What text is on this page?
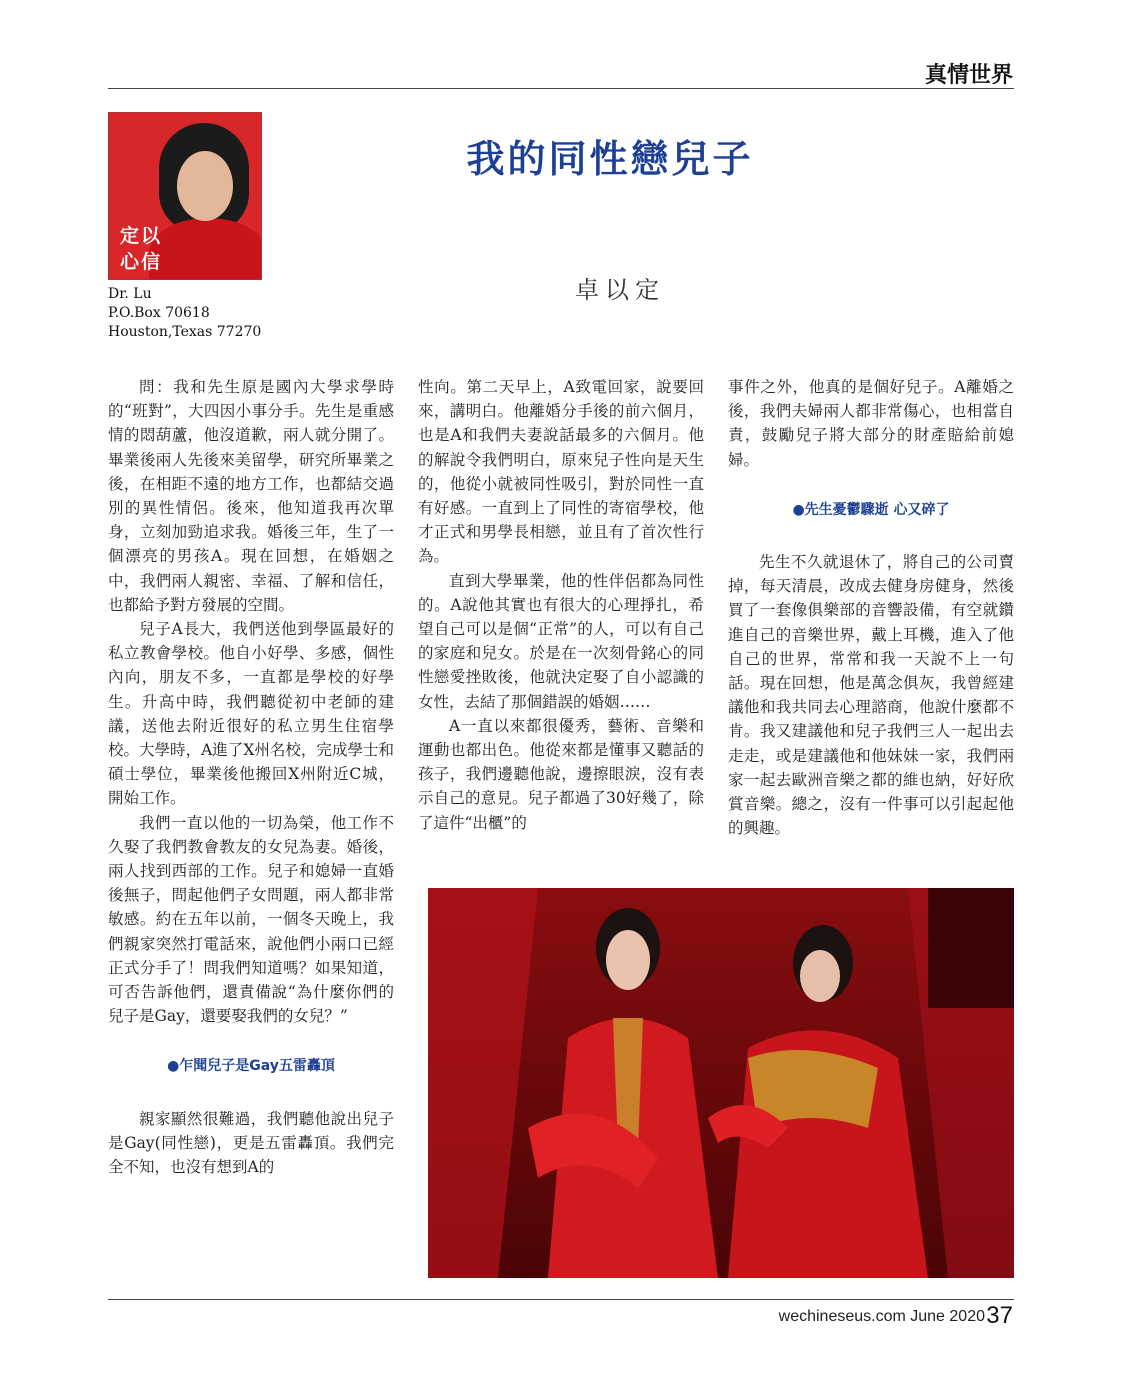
真情世界
定以
心信
Dr. Lu
P.O.Box 70618
Houston,Texas 77270
我的同性戀兒子
卓以定

問：我和先生原是國內大學求學時的“班對”，大四因小事分手。先生是重感情的悶葫蘆，他沒道歉，兩人就分開了。畢業後兩人先後來美留學，研究所畢業之後，在相距不遠的地方工作，也都結交過別的異性情侶。後來，他知道我再次單身，立刻加勁追求我。婚後三年，生了一個漂亮的男孩A。現在回想，在婚姻之中，我們兩人親密、幸福、了解和信任，也都給予對方發展的空間。

兒子A長大，我們送他到學區最好的私立教會學校。他自小好學、多感，個性內向，朋友不多，一直都是學校的好學生。升高中時，我們聽從初中老師的建議，送他去附近很好的私立男生住宿學校。大學時，A進了X州名校，完成學士和碩士學位，畢業後他搬回X州附近C城，開始工作。

我們一直以他的一切為榮，他工作不久娶了我們教會教友的女兒為妻。婚後，兩人找到西部的工作。兒子和媳婦一直婚後無子，問起他們子女問題，兩人都非常敏感。約在五年以前，一個冬天晚上，我們親家突然打電話來，說他們小兩口已經正式分手了！問我們知道嗎？如果知道，可否告訴他們，還責備說“為什麼你們的兒子是Gay，還要娶我們的女兒？”

●乍聞兒子是Gay五雷轟頂

親家顯然很難過，我們聽他說出兒子是Gay(同性戀)，更是五雷轟頂。我們完全不知，也沒有想到A的

性向。第二天早上，A致電回家，說要回來，講明白。他離婚分手後的前六個月，也是A和我們夫妻說話最多的六個月。他的解說令我們明白，原來兒子性向是天生的，他從小就被同性吸引，對於同性一直有好感。一直到上了同性的寄宿學校，他才正式和男學長相戀，並且有了首次性行為。

直到大學畢業，他的性伴侶都為同性的。A說他其實也有很大的心理掙扎，希望自己可以是個“正常”的人，可以有自己的家庭和兒女。於是在一次刻骨銘心的同性戀愛挫敗後，他就決定娶了自小認識的女性，去結了那個錯誤的婚姻……

A一直以來都很優秀，藝術、音樂和運動也都出色。他從來都是懂事又聽話的孩子，我們邊聽他說，邊擦眼淚，沒有表示自己的意見。兒子都過了30好幾了，除了這件“出櫃”的

事件之外，他真的是個好兒子。A離婚之後，我們夫婦兩人都非常傷心，也相當自責，鼓勵兒子將大部分的財產賠給前媳婦。

●先生憂鬱驟逝 心又碎了

先生不久就退休了，將自己的公司賣掉，每天清晨，改成去健身房健身，然後買了一套像俱樂部的音響設備，有空就鑽進自己的音樂世界，戴上耳機，進入了他自己的世界，常常和我一天說不上一句話。現在回想，他是萬念俱灰，我曾經建議他和我共同去心理諮商，他說什麼都不肯。我又建議他和兒子我們三人一起出去走走，或是建議他和他妹妹一家，我們兩家一起去歐洲音樂之都的維也納，好好欣賞音樂。總之，沒有一件事可以引起起他的興趣。

wechineseus.com June 2020 37
